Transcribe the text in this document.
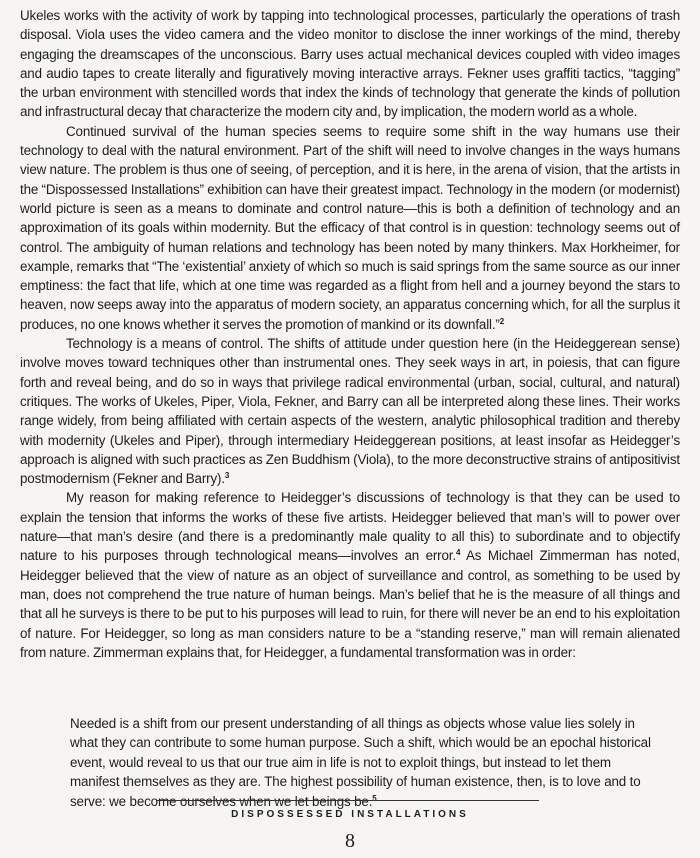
Ukeles works with the activity of work by tapping into technological processes, particularly the operations of trash disposal. Viola uses the video camera and the video monitor to disclose the inner workings of the mind, thereby engaging the dreamscapes of the unconscious. Barry uses actual mechanical devices coupled with video images and audio tapes to create literally and figuratively moving interactive arrays. Fekner uses graffiti tactics, “tagging” the urban environment with stencilled words that index the kinds of technology that generate the kinds of pollution and infrastructural decay that characterize the modern city and, by implication, the modern world as a whole.

Continued survival of the human species seems to require some shift in the way humans use their technology to deal with the natural environment. Part of the shift will need to involve changes in the ways humans view nature. The problem is thus one of seeing, of perception, and it is here, in the arena of vision, that the artists in the “Dispossessed Installations” exhibition can have their greatest impact. Technology in the modern (or modernist) world picture is seen as a means to dominate and control nature—this is both a definition of technology and an approximation of its goals within modernity. But the efficacy of that control is in question: technology seems out of control. The ambiguity of human relations and technology has been noted by many thinkers. Max Horkheimer, for example, remarks that “The ‘existential’ anxiety of which so much is said springs from the same source as our inner emptiness: the fact that life, which at one time was regarded as a flight from hell and a journey beyond the stars to heaven, now seeps away into the apparatus of modern society, an apparatus concerning which, for all the surplus it produces, no one knows whether it serves the promotion of mankind or its downfall.”$^2$

Technology is a means of control. The shifts of attitude under question here (in the Heideggerean sense) involve moves toward techniques other than instrumental ones. They seek ways in art, in poiesis, that can figure forth and reveal being, and do so in ways that privilege radical environmental (urban, social, cultural, and natural) critiques. The works of Ukeles, Piper, Viola, Fekner, and Barry can all be interpreted along these lines. Their works range widely, from being affiliated with certain aspects of the western, analytic philosophical tradition and thereby with modernity (Ukeles and Piper), through intermediary Heideggerean positions, at least insofar as Heidegger’s approach is aligned with such practices as Zen Buddhism (Viola), to the more deconstructive strains of antipositivist postmodernism (Fekner and Barry).$^3$

My reason for making reference to Heidegger’s discussions of technology is that they can be used to explain the tension that informs the works of these five artists. Heidegger believed that man’s will to power over nature—that man’s desire (and there is a predominantly male quality to all this) to subordinate and to objectify nature to his purposes through technological means—involves an error.$^4$ As Michael Zimmerman has noted, Heidegger believed that the view of nature as an object of surveillance and control, as something to be used by man, does not comprehend the true nature of human beings. Man’s belief that he is the measure of all things and that all he surveys is there to be put to his purposes will lead to ruin, for there will never be an end to his exploitation of nature. For Heidegger, so long as man considers nature to be a “standing reserve,” man will remain alienated from nature. Zimmerman explains that, for Heidegger, a fundamental transformation was in order:

Needed is a shift from our present understanding of all things as objects whose value lies solely in what they can contribute to some human purpose. Such a shift, which would be an epochal historical event, would reveal to us that our true aim in life is not to exploit things, but instead to let them manifest themselves as they are. The highest possibility of human existence, then, is to love and to serve: we become ourselves when we let beings be.$^5$

DISPOSSESSED INSTALLATIONS
8
